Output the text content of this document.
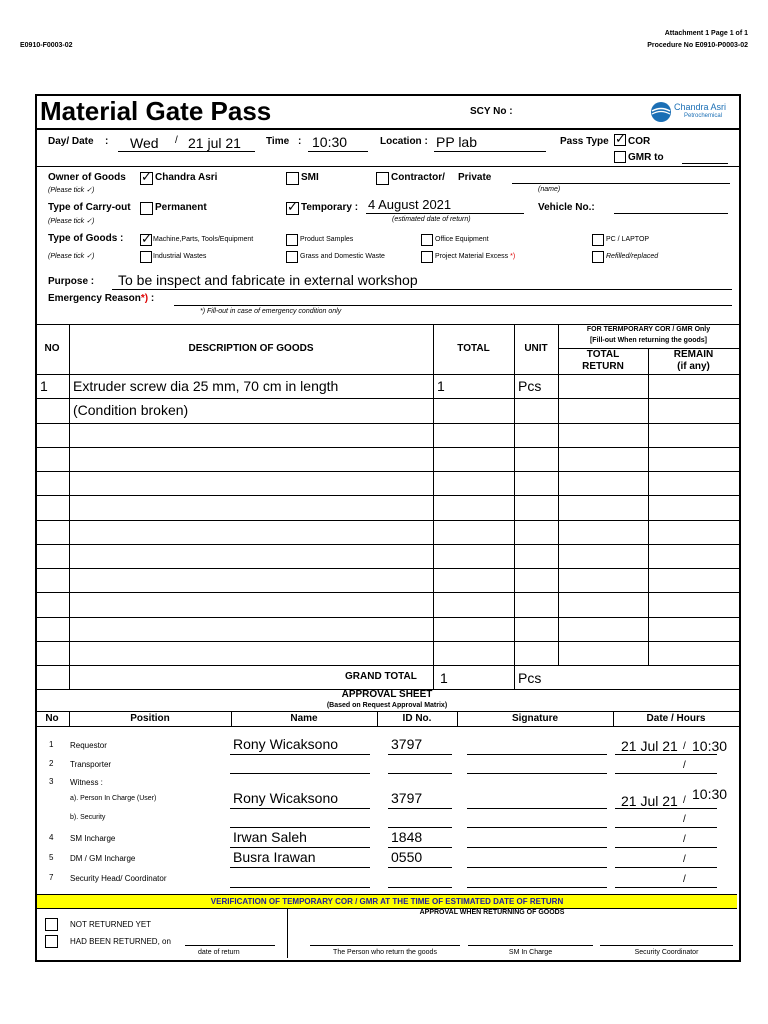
E0910-F0003-02
Attachment 1 Page 1 of 1
Procedure No E0910-P0003-02
Material Gate Pass	SCY No :	Chandra Asri
Petrochemical
Day/ Date : Wed / 21 jul 21	Time : 10:30	Location : PP lab	Pass Type ✓ COR
GMR to
Owner of Goods
(Please tick ✓)
✓ Chandra Asri	SMI	Contractor/ Private
(name)
Type of Carry-out
(Please tick ✓)
Permanent	✓ Temporary : 4 August 2021
(estimated date of return)
Vehicle No.:
Type of Goods :
(Please tick ✓)
✓ Machine,Parts, Tools/Equipment	Product Samples	Office Equipment	PC / LAPTOP
Industrial Wastes	Grass and Domestic Waste	Project Material Excess *)	Refilled/replaced
Purpose : To be inspect and fabricate in external workshop
Emergency Reason*) :
*) Fill-out in case of emergency condition only
NO	DESCRIPTION OF GOODS	TOTAL	UNIT
FOR TERMPORARY COR / GMR Only
[Fill-out When returning the goods]
TOTAL
RETURN
REMAIN
(if any)
1 Extruder screw dia 25 mm, 70 cm in length	1	Pcs
(Condition broken)
GRAND TOTAL 1	Pcs
APPROVAL SHEET
(Based on Request Approval Matrix)
No	Position	Name	ID No.	Signature	Date / Hours
1 Requestor	Rony Wicaksono	3797	21 Jul 21 / 10:30
2 Transporter	/
3 Witness :
a). Person In Charge (User)	Rony Wicaksono	3797	21 Jul 21 / 10:30
b). Security	/
4 SM Incharge	Irwan Saleh	1848	/
5 DM / GM Incharge	Busra Irawan	0550	/
7 Security Head/ Coordinator	/
VERIFICATION OF TEMPORARY COR / GMR AT THE TIME OF ESTIMATED DATE OF RETURN
NOT RETURNED YET
HAD BEEN RETURNED, on
date of return
APPROVAL WHEN RETURNING OF GOODS
The Person who return the goods	SM In Charge	Security Coordinator
